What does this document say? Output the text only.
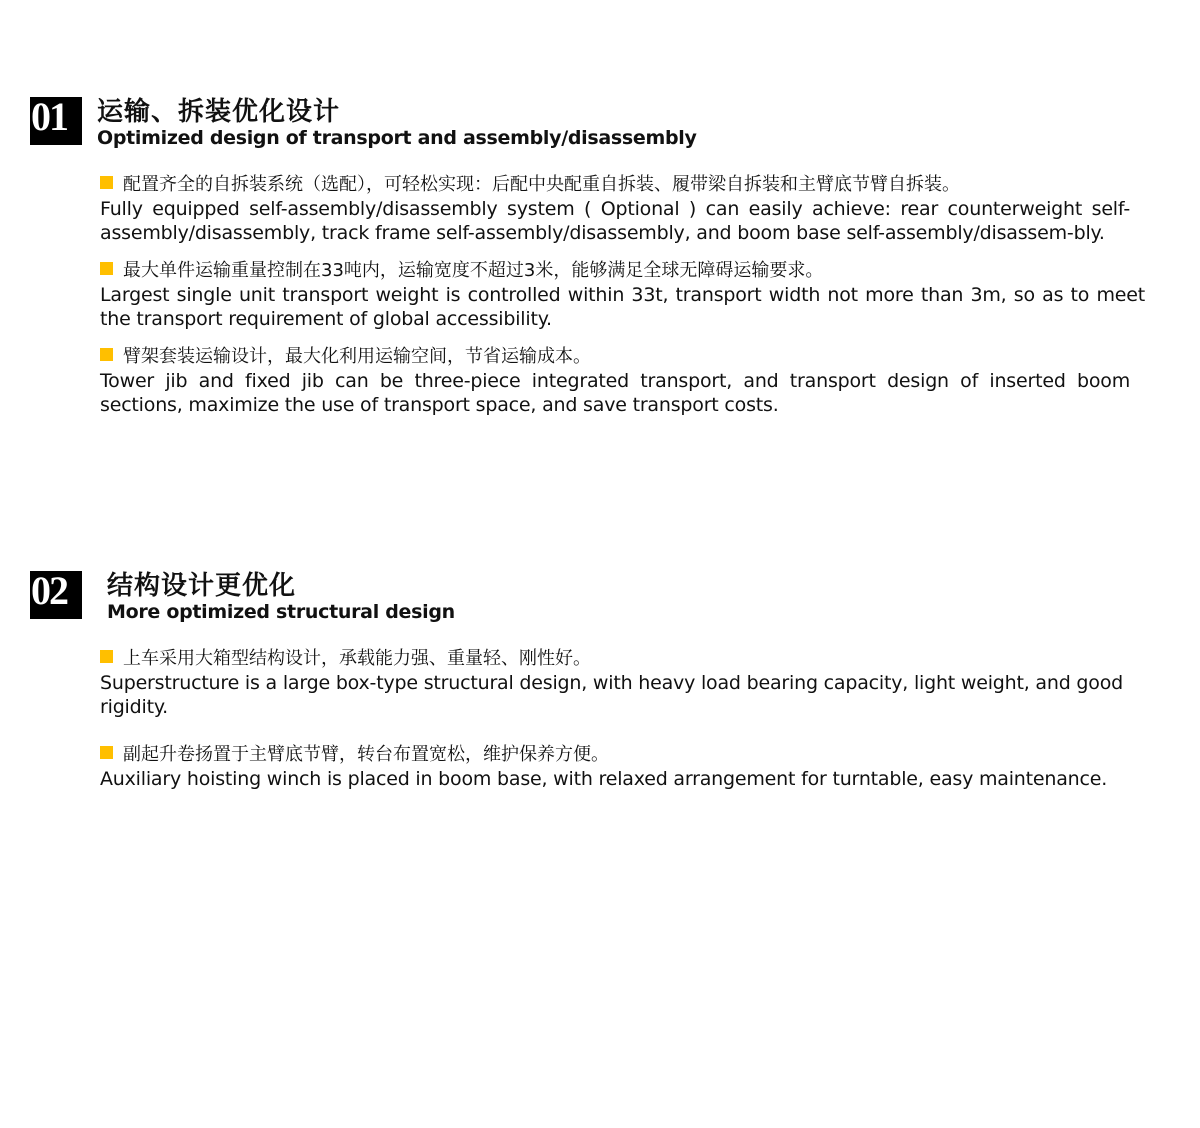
01	运输、拆装优化设计
Optimized design of transport and assembly/disassembly
配置齐全的自拆装系统（选配），可轻松实现：后配中央配重自拆装、履带梁自拆装和主臂底节臂自拆装。
Fully equipped self-assembly/disassembly system ( Optional ) can easily achieve: rear counterweight self-assembly/disassembly, track frame self-assembly/disassembly, and boom base self-assembly/disassem-bly.
最大单件运输重量控制在33吨内，运输宽度不超过3米，能够满足全球无障碍运输要求。
Largest single unit transport weight is controlled within 33t, transport width not more than 3m, so as to meet the transport requirement of global accessibility.
臂架套装运输设计，最大化利用运输空间，节省运输成本。
Tower jib and fixed jib can be three-piece integrated transport, and transport design of inserted boom sections, maximize the use of transport space, and save transport costs.
02	结构设计更优化
More optimized structural design
上车采用大箱型结构设计，承载能力强、重量轻、刚性好。
Superstructure is a large box-type structural design, with heavy load bearing capacity, light weight, and good rigidity.
副起升卷扬置于主臂底节臂，转台布置宽松，维护保养方便。
Auxiliary hoisting winch is placed in boom base, with relaxed arrangement for turntable, easy maintenance.
